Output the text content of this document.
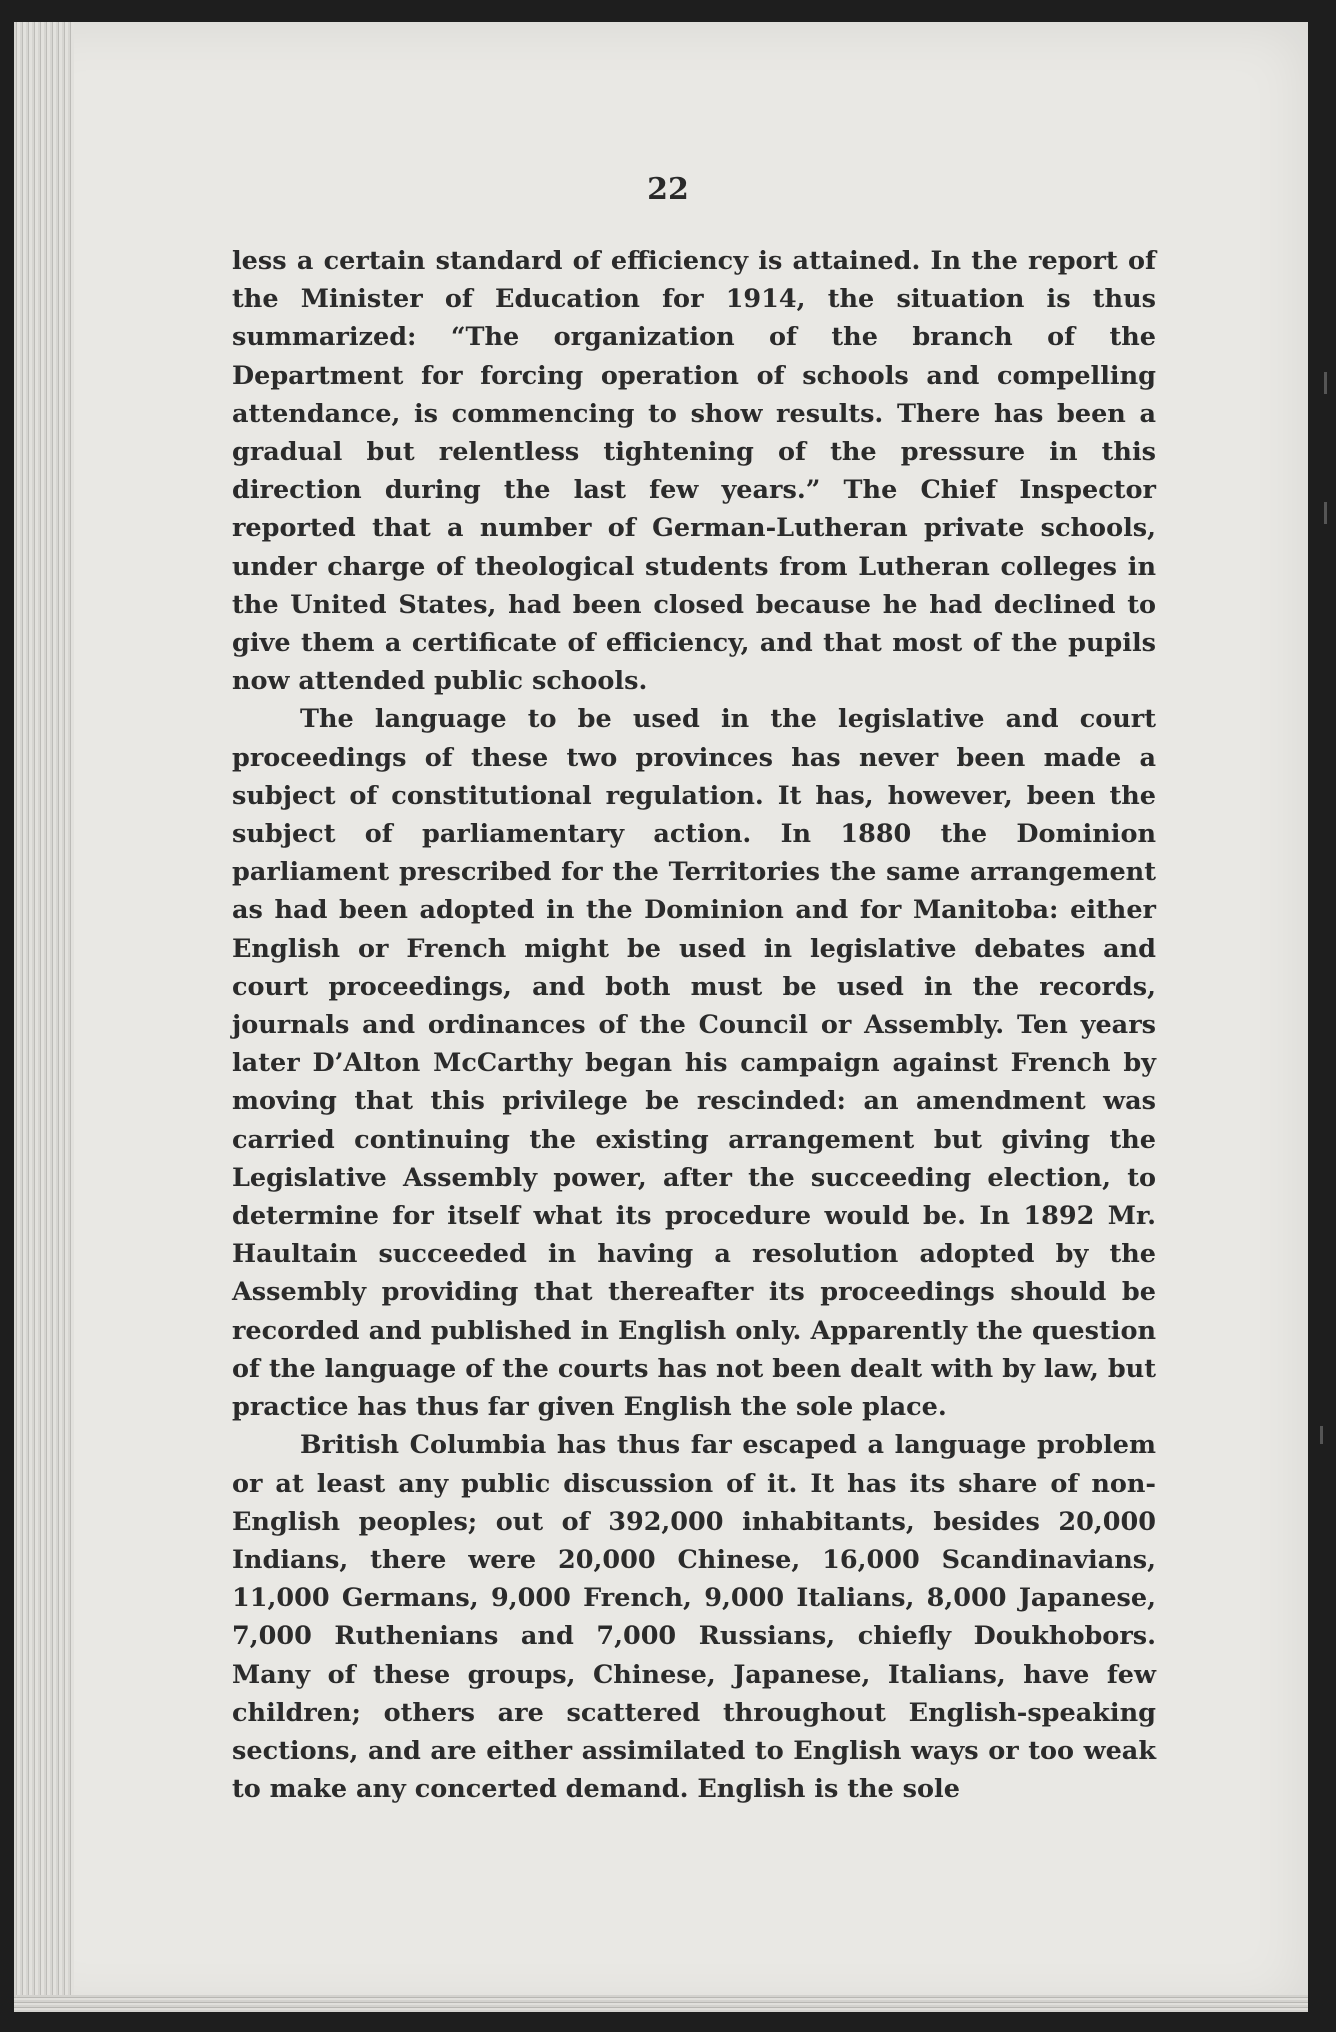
22

less a certain standard of efficiency is attained. In the report of the Minister of Education for 1914, the situation is thus summarized: “The organization of the branch of the Department for forcing operation of schools and compelling attendance, is commencing to show results. There has been a gradual but relentless tightening of the pressure in this direction during the last few years.” The Chief Inspector reported that a number of German-Lutheran private schools, under charge of theological students from Lutheran colleges in the United States, had been closed because he had declined to give them a certificate of efficiency, and that most of the pupils now attended public schools.

The language to be used in the legislative and court proceedings of these two provinces has never been made a subject of constitutional regulation. It has, however, been the subject of parliamentary action. In 1880 the Dominion parliament prescribed for the Territories the same arrangement as had been adopted in the Dominion and for Manitoba: either English or French might be used in legislative debates and court proceedings, and both must be used in the records, journals and ordinances of the Council or Assembly. Ten years later D’Alton McCarthy began his campaign against French by moving that this privilege be rescinded: an amendment was carried continuing the existing arrangement but giving the Legislative Assembly power, after the succeeding election, to determine for itself what its procedure would be. In 1892 Mr. Haultain succeeded in having a resolution adopted by the Assembly providing that thereafter its proceedings should be recorded and published in English only. Apparently the question of the language of the courts has not been dealt with by law, but practice has thus far given English the sole place.

British Columbia has thus far escaped a language problem or at least any public discussion of it. It has its share of non-English peoples; out of 392,000 inhabitants, besides 20,000 Indians, there were 20,000 Chinese, 16,000 Scandinavians, 11,000 Germans, 9,000 French, 9,000 Italians, 8,000 Japanese, 7,000 Ruthenians and 7,000 Russians, chiefly Doukhobors. Many of these groups, Chinese, Japanese, Italians, have few children; others are scattered throughout English-speaking sections, and are either assimilated to English ways or too weak to make any concerted demand. English is the sole
